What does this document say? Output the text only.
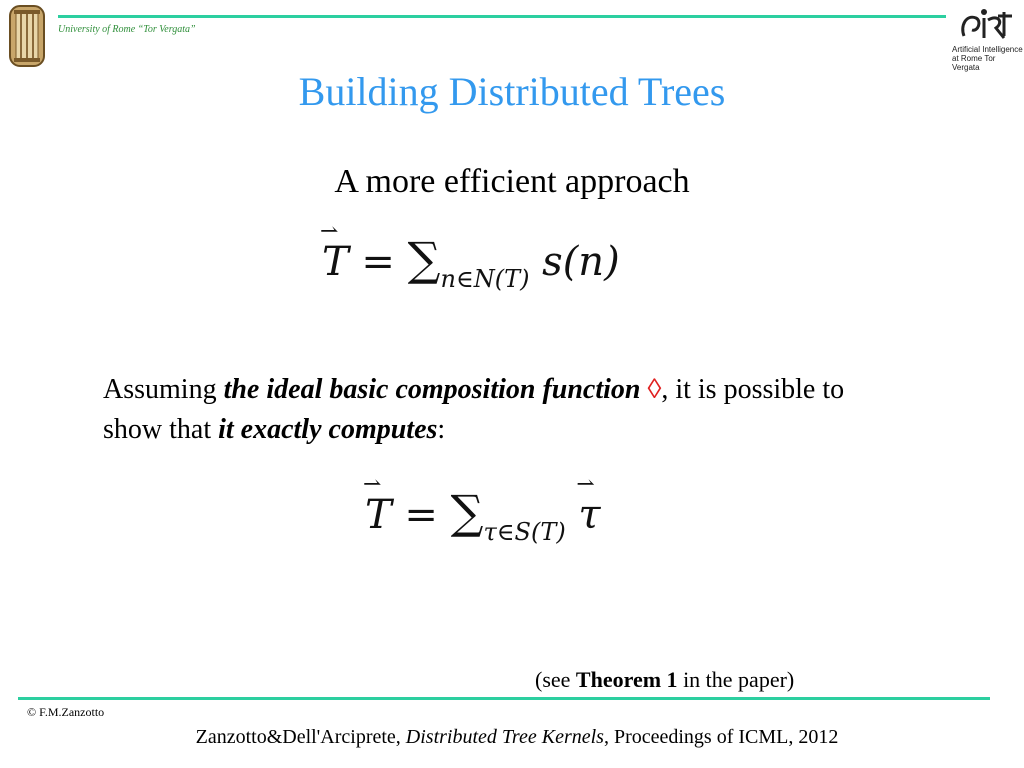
University of Rome “Tor Vergata”
Artificial Intelligence
at Rome Tor Vergata
Building Distributed Trees
A more efficient approach
⇀
$T = \sum_{n\in N(T)}$ s(n)
Assuming the ideal basic composition function ◊, it is possible to show that it exactly computes:
⇀
$T = \sum_{\tau\in S(T)}$
⇀
τ
(see Theorem 1 in the paper)
© F.M.Zanzotto
Zanzotto&Dell'Arciprete, Distributed Tree Kernels, Proceedings of ICML, 2012
